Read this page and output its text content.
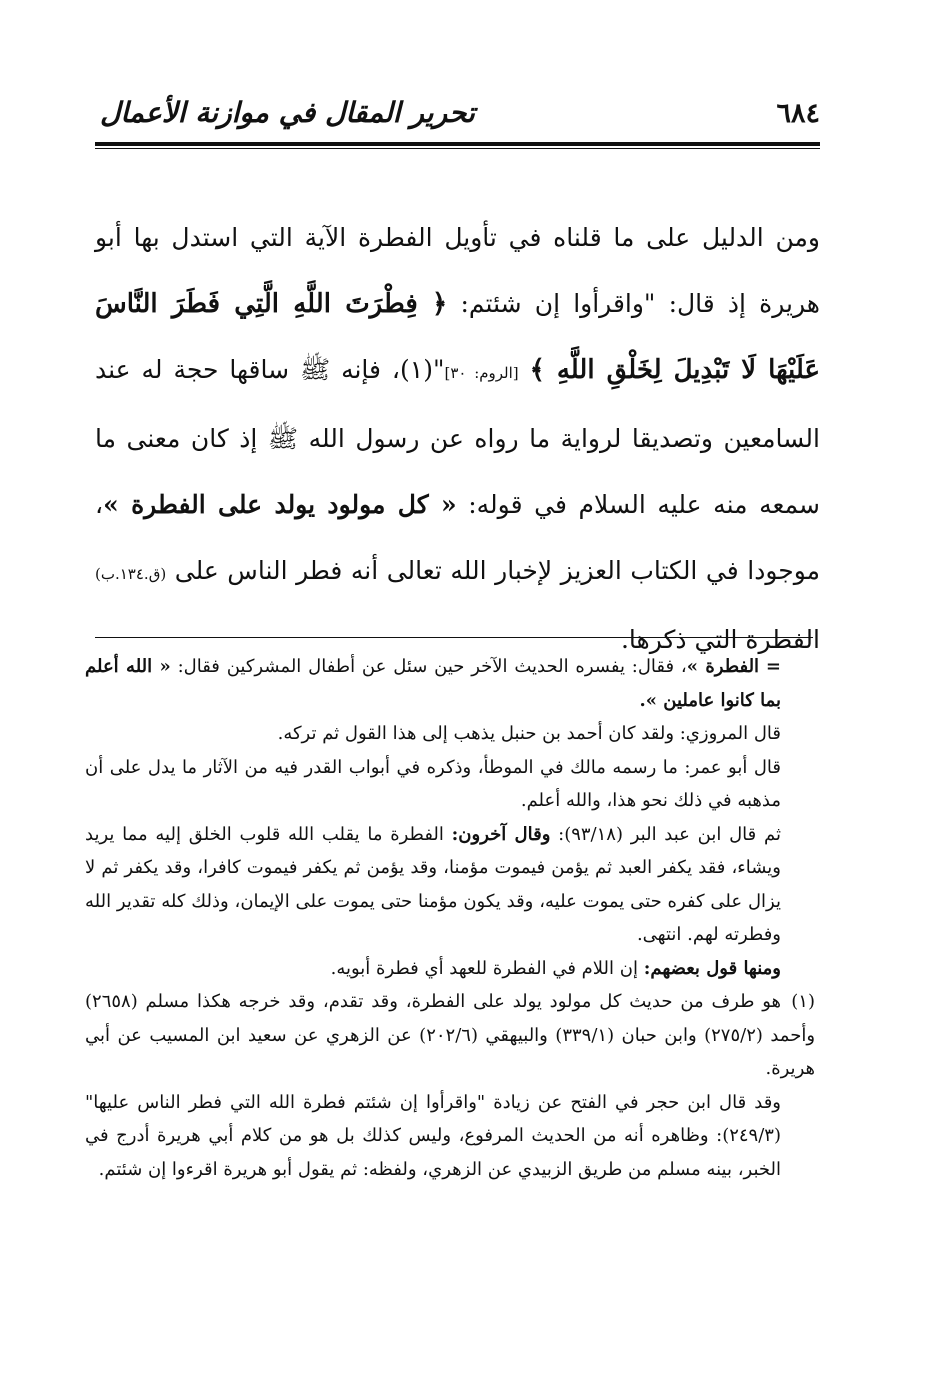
٦٨٤
تحرير المقال في موازنة الأعمال

ومن الدليل على ما قلناه في تأويل الفطرة الآية التي استدل بها أبو هريرة إذ قال: "واقرأوا إن شئتم: ﴿ فِطْرَتَ اللَّهِ الَّتِي فَطَرَ النَّاسَ عَلَيْهَا لَا تَبْدِيلَ لِخَلْقِ اللَّهِ ﴾ [الروم: ٣٠]"(١)، فإنه ﷺ ساقها حجة له عند السامعين وتصديقا لرواية ما رواه عن رسول الله ﷺ إذ كان معنى ما سمعه منه عليه السلام في قوله: « كل مولود يولد على الفطرة »، موجودا في الكتاب العزيز لإخبار الله تعالى أنه فطر الناس على (ق.١٣٤.ب) الفطرة التي ذكرها.

= الفطرة »، فقال: يفسره الحديث الآخر حين سئل عن أطفال المشركين فقال: « الله أعلم بما كانوا عاملين ».

قال المروزي: ولقد كان أحمد بن حنبل يذهب إلى هذا القول ثم تركه.

قال أبو عمر: ما رسمه مالك في الموطأ، وذكره في أبواب القدر فيه من الآثار ما يدل على أن مذهبه في ذلك نحو هذا، والله أعلم.

ثم قال ابن عبد البر (٩٣/١٨): وقال آخرون: الفطرة ما يقلب الله قلوب الخلق إليه مما يريد ويشاء، فقد يكفر العبد ثم يؤمن فيموت مؤمنا، وقد يؤمن ثم يكفر فيموت كافرا، وقد يكفر ثم لا يزال على كفره حتى يموت عليه، وقد يكون مؤمنا حتى يموت على الإيمان، وذلك كله تقدير الله وفطرته لهم. انتهى.

ومنها قول بعضهم: إن اللام في الفطرة للعهد أي فطرة أبويه.

(١)هو طرف من حديث كل مولود يولد على الفطرة، وقد تقدم، وقد خرجه هكذا مسلم (٢٦٥٨) وأحمد (٢٧٥/٢) وابن حبان (٣٣٩/١) والبيهقي (٢٠٢/٦) عن الزهري عن سعيد ابن المسيب عن أبي هريرة.

وقد قال ابن حجر في الفتح عن زيادة "واقرأوا إن شئتم فطرة الله التي فطر الناس عليها" (٢٤٩/٣): وظاهره أنه من الحديث المرفوع، وليس كذلك بل هو من كلام أبي هريرة أدرج في الخبر، بينه مسلم من طريق الزبيدي عن الزهري، ولفظه: ثم يقول أبو هريرة اقرءوا إن شئتم.
